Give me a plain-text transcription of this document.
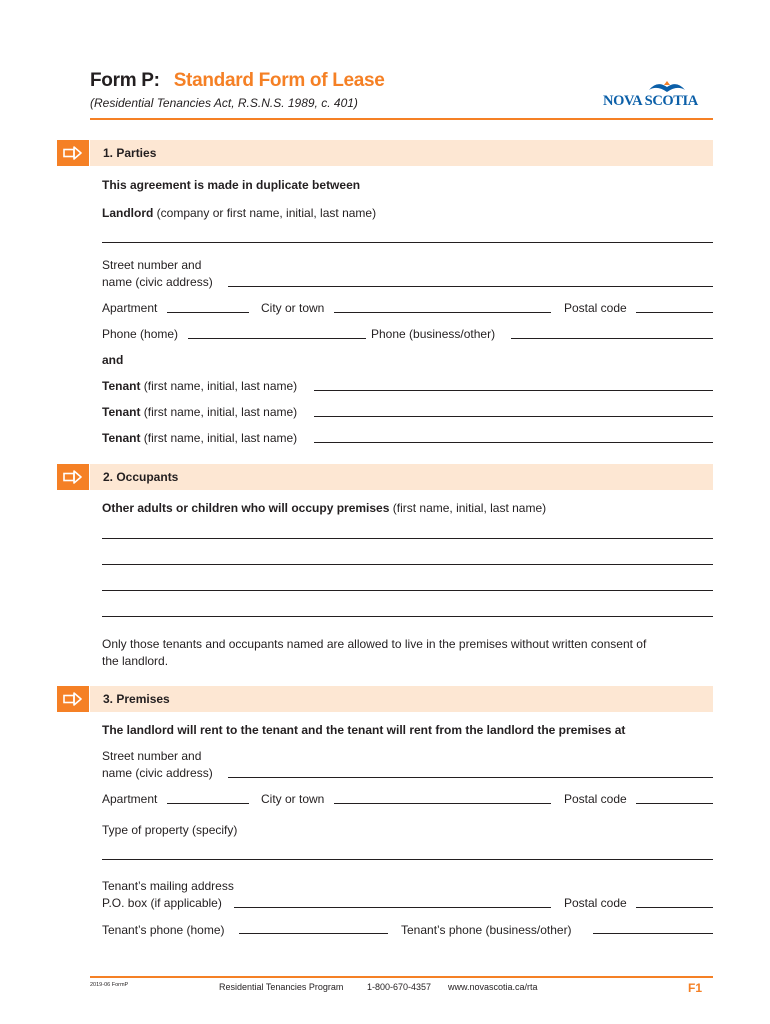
Form P: Standard Form of Lease
(Residential Tenancies Act, R.S.N.S. 1989, c. 401)	NOVA SCOTIA
1. Parties
This agreement is made in duplicate between
Landlord (company or first name, initial, last name)
Street number and
name (civic address)
Apartment	City or town	Postal code
Phone (home)	Phone (business/other)
and
Tenant (first name, initial, last name)
Tenant (first name, initial, last name)
Tenant (first name, initial, last name)
2. Occupants
Other adults or children who will occupy premises (first name, initial, last name)
Only those tenants and occupants named are allowed to live in the premises without written consent of
the landlord.
3. Premises
The landlord will rent to the tenant and the tenant will rent from the landlord the premises at
Street number and
name (civic address)
Apartment	City or town	Postal code
Type of property (specify)
Tenant’s mailing address
P.O. box (if applicable)	Postal code
Tenant’s phone (home)	Tenant’s phone (business/other)
2019-06 FormP	Residential Tenancies Program	1-800-670-4357 www.novascotia.ca/rta	F1
